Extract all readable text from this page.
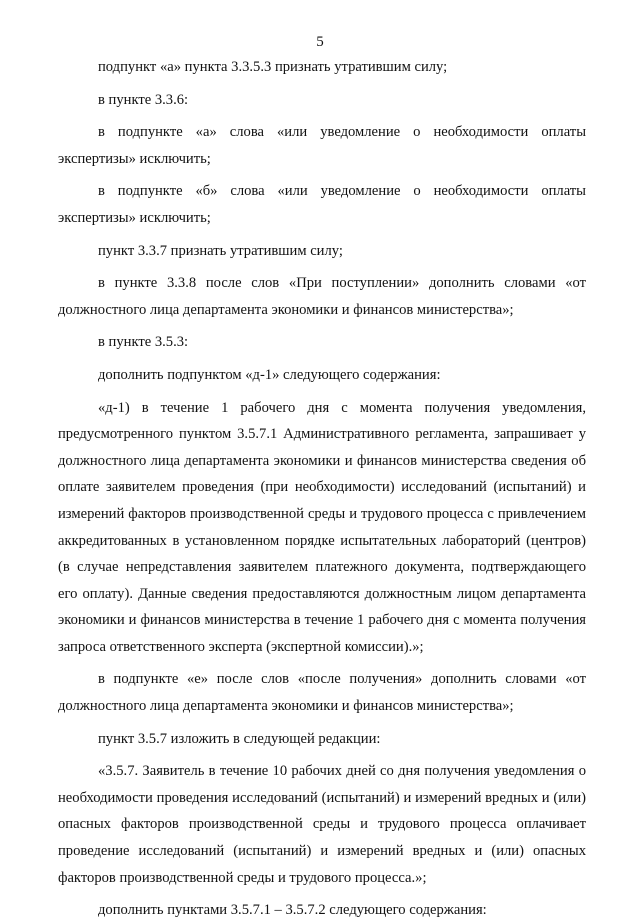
5

подпункт «а» пункта 3.3.5.3 признать утратившим силу;

в пункте 3.3.6:

в подпункте «а» слова «или уведомление о необходимости оплаты экспертизы» исключить;

в подпункте «б» слова «или уведомление о необходимости оплаты экспертизы» исключить;

пункт 3.3.7 признать утратившим силу;

в пункте 3.3.8 после слов «При поступлении» дополнить словами «от должностного лица департамента экономики и финансов министерства»;

в пункте 3.5.3:

дополнить подпунктом «д-1» следующего содержания:

«д-1) в течение 1 рабочего дня с момента получения уведомления, предусмотренного пунктом 3.5.7.1 Административного регламента, запрашивает у должностного лица департамента экономики и финансов министерства сведения об оплате заявителем проведения (при необходимости) исследований (испытаний) и измерений факторов производственной среды и трудового процесса с привлечением аккредитованных в установленном порядке испытательных лабораторий (центров) (в случае непредставления заявителем платежного документа, подтверждающего его оплату). Данные сведения предоставляются должностным лицом департамента экономики и финансов министерства в течение 1 рабочего дня с момента получения запроса ответственного эксперта (экспертной комиссии).»;

в подпункте «е» после слов «после получения» дополнить словами «от должностного лица департамента экономики и финансов министерства»;

пункт 3.5.7 изложить в следующей редакции:

«3.5.7. Заявитель в течение 10 рабочих дней со дня получения уведомления о необходимости проведения исследований (испытаний) и измерений вредных и (или) опасных факторов производственной среды и трудового процесса оплачивает проведение исследований (испытаний) и измерений вредных и (или) опасных факторов производственной среды и трудового процесса.»;

дополнить пунктами 3.5.7.1 – 3.5.7.2 следующего содержания:
